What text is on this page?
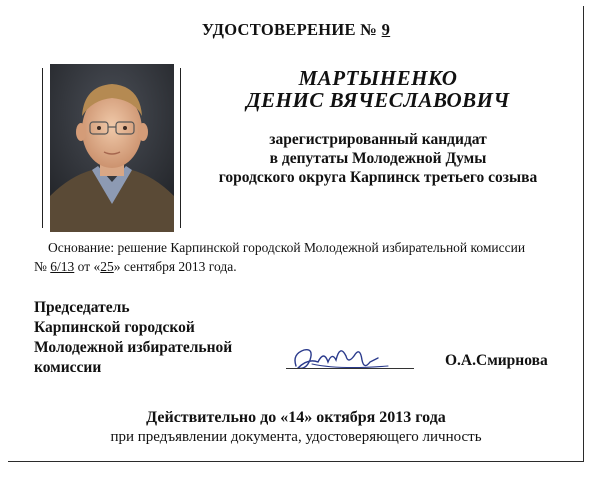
УДОСТОВЕРЕНИЕ № 9
МАРТЫНЕНКО
ДЕНИС ВЯЧЕСЛАВОВИЧ
зарегистрированный кандидат
в депутаты Молодежной Думы
городского округа Карпинск третьего созыва
Основание: решение Карпинской городской Молодежной избирательной комиссии
№ 6/13 от «25» сентября 2013 года.
Председатель
Карпинской городской
Молодежной избирательной
комиссии	О.А.Смирнова
Действительно до «14» октября 2013 года
при предъявлении документа, удостоверяющего личность
